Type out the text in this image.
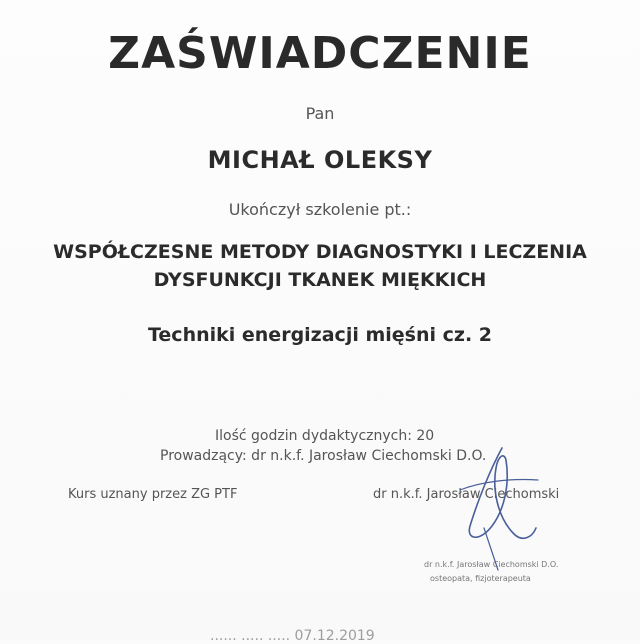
ZAŚWIADCZENIE
Pan
MICHAŁ OLEKSY
Ukończył szkolenie pt.:
WSPÓŁCZESNE METODY DIAGNOSTYKI I LECZENIA
DYSFUNKCJI TKANEK MIĘKKICH
Techniki energizacji mięśni cz. 2
Ilość godzin dydaktycznych: 20
Prowadzący: dr n.k.f. Jarosław Ciechomski D.O.
Kurs uznany przez ZG PTF	dr n.k.f. Jarosław Ciechomski
dr n.k.f. Jarosław Ciechomski D.O.
osteopata, fizjoterapeuta
...... ..... ..... 07.12.2019
